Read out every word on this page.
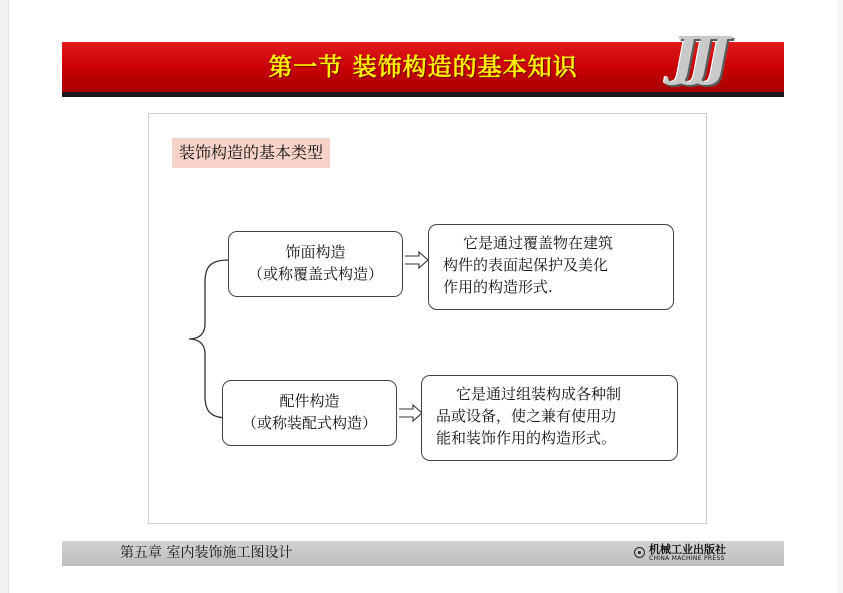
第一节 装饰构造的基本知识	JJJ
装饰构造的基本类型
饰面构造
（或称覆盖式构造）
它是通过覆盖物在建筑
构件的表面起保护及美化
作用的构造形式.
配件构造
（或称装配式构造）
它是通过组装构成各种制
品或设备，使之兼有使用功
能和装饰作用的构造形式。
第五章 室内装饰施工图设计	机械工业出版社
CHINA MACHINE PRESS
